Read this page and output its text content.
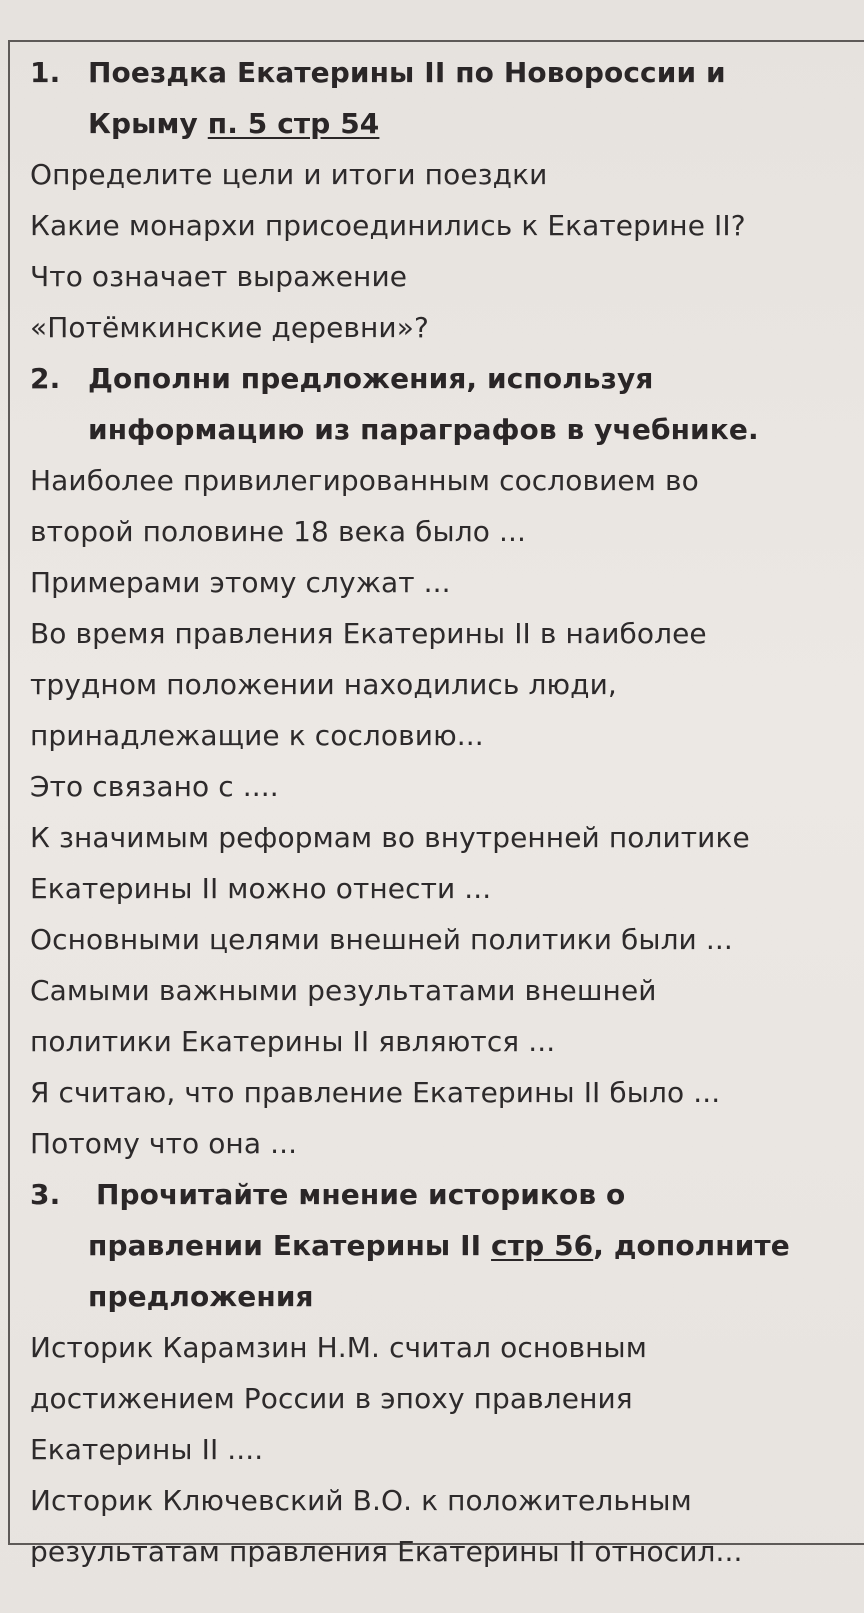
1. Поездка Екатерины II по Новороссии и
Крыму п. 5 стр 54
Определите цели и итоги поездки
Какие монархи присоединились к Екатерине II?
Что означает выражение
«Потёмкинские деревни»?
2. Дополни предложения, используя
информацию из параграфов в учебнике.
Наиболее привилегированным сословием во
второй половине 18 века было ...
Примерами этому служат ...
Во время правления Екатерины II в наиболее
трудном положении находились люди,
принадлежащие к сословию...
Это связано с ....
К значимым реформам во внутренней политике
Екатерины II можно отнести ...
Основными целями внешней политики были ...
Самыми важными результатами внешней
политики Екатерины II являются ...
Я считаю, что правление Екатерины II было ...
Потому что она ...
3. Прочитайте мнение историков о
правлении Екатерины II стр 56, дополните
предложения
Историк Карамзин Н.М. считал основным
достижением России в эпоху правления
Екатерины II ....
Историк Ключевский В.О. к положительным
результатам правления Екатерины II относил...
